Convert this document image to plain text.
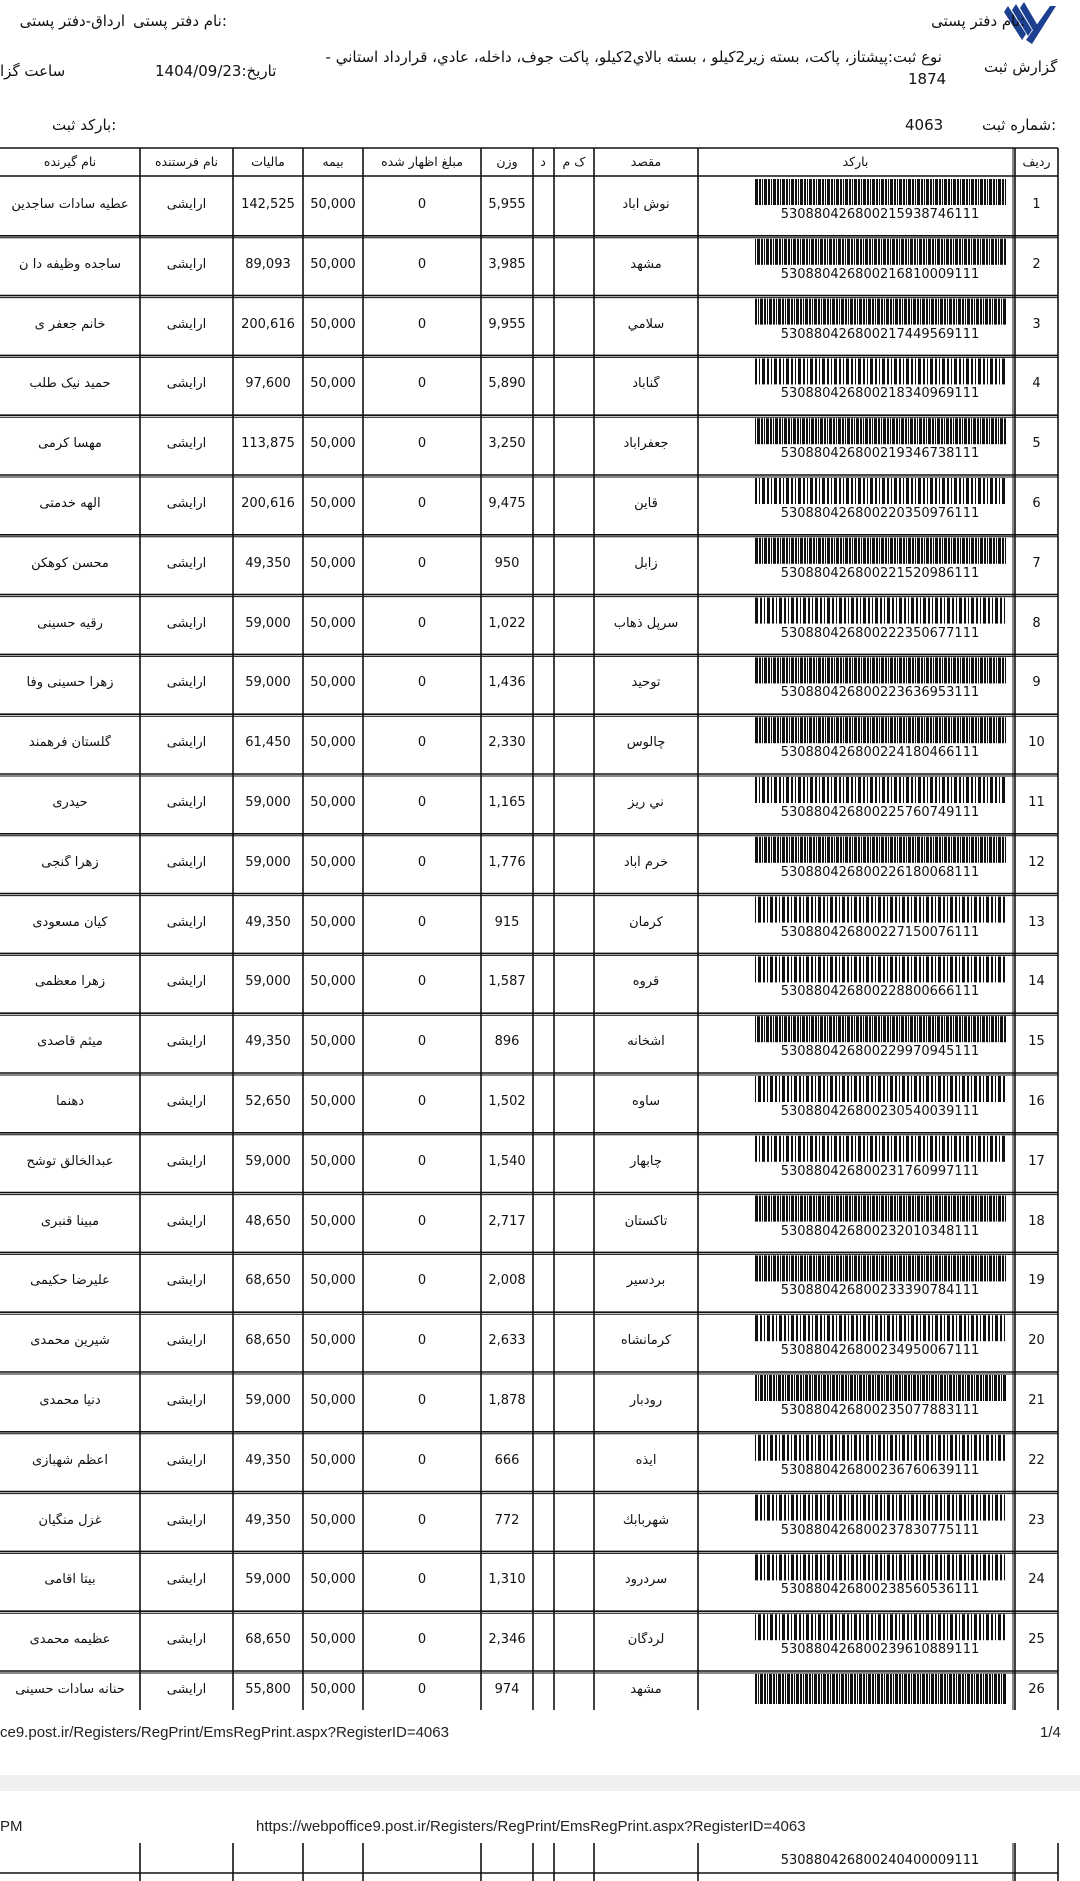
نام دفتر پستی:
ارداق-دفتر پستی نام دفتر پستی:
گزارش ثبت
نوع ثبت:پيشتاز، پاكت، بسته زير2كيلو ، بسته بالاي2كيلو، پاكت جوف، داخله، عادي، قرارداد استاني -
1874
تاریخ:1404/09/23
ساعت گزا
شماره ثبت:
4063
بارکد ثبت:
ردیف
بارکد
مقصد
ک م
د
وزن
مبلغ اظهار شده
بیمه
مالیات
نام فرستنده
نام گیرنده
1
نوش آباد
5,955
0
50,000
142,525
ارایشی
عطیه سادات ساجدین
530880426800215938746111
2
مشهد
3,985
0
50,000
89,093
ارایشی
ساجده وظیفه دا ن
530880426800216810009111
3
سلامي
9,955
0
50,000
200,616
ارایشی
خانم جعفر ی
530880426800217449569111
4
گناباد
5,890
0
50,000
97,600
ارایشی
حمید نیک طلب
530880426800218340969111
5
جعفراباد
3,250
0
50,000
113,875
ارایشی
مهسا کرمی
530880426800219346738111
6
قاين
9,475
0
50,000
200,616
ارایشی
الهه خدمتی
530880426800220350976111
7
زابل
950
0
50,000
49,350
ارایشی
محسن کوهکن
530880426800221520986111
8
سرپل ذهاب
1,022
0
50,000
59,000
ارایشی
رقیه حسینی
530880426800222350677111
9
توحيد
1,436
0
50,000
59,000
ارایشی
زهرا حسینی وفا
530880426800223636953111
10
چالوس
2,330
0
50,000
61,450
ارایشی
گلستان فرهمند
530880426800224180466111
11
ني ريز
1,165
0
50,000
59,000
ارایشی
حیدری
530880426800225760749111
12
خرم آباد
1,776
0
50,000
59,000
ارایشی
زهرا گنجی
530880426800226180068111
13
كرمان
915
0
50,000
49,350
ارایشی
کیان مسعودی
530880426800227150076111
14
قروه
1,587
0
50,000
59,000
ارایشی
زهرا معظمی
530880426800228800666111
15
آشخانه
896
0
50,000
49,350
ارایشی
میثم قاصدی
530880426800229970945111
16
ساوه
1,502
0
50,000
52,650
ارایشی
دهنما
530880426800230540039111
17
چابهار
1,540
0
50,000
59,000
ارایشی
عبدالخالق توشح
530880426800231760997111
18
تاكستان
2,717
0
50,000
48,650
ارایشی
مبینا قنبری
530880426800232010348111
19
بردسير
2,008
0
50,000
68,650
ارایشی
علیرضا حکیمی
530880426800233390784111
20
كرمانشاه
2,633
0
50,000
68,650
ارایشی
شیرین محمدی
530880426800234950067111
21
رودبار
1,878
0
50,000
59,000
ارایشی
دنیا محمدی
530880426800235077883111
22
ايذه
666
0
50,000
49,350
ارایشی
اعظم شهبازی
530880426800236760639111
23
شهربابك
772
0
50,000
49,350
ارایشی
غزل منگیان
530880426800237830775111
24
سردرود
1,310
0
50,000
59,000
ارایشی
بیتا اقامی
530880426800238560536111
25
لردگان
2,346
0
50,000
68,650
ارایشی
عظیمه محمدی
530880426800239610889111
26
مشهد
974
0
50,000
55,800
ارایشی
حنانه سادات حسینی
530880426800240400009111
ce9.post.ir/Registers/RegPrint/EmsRegPrint.aspx?RegisterID=4063	1/4
PM	https://webpoffice9.post.ir/Registers/RegPrint/EmsRegPrint.aspx?RegisterID=4063
